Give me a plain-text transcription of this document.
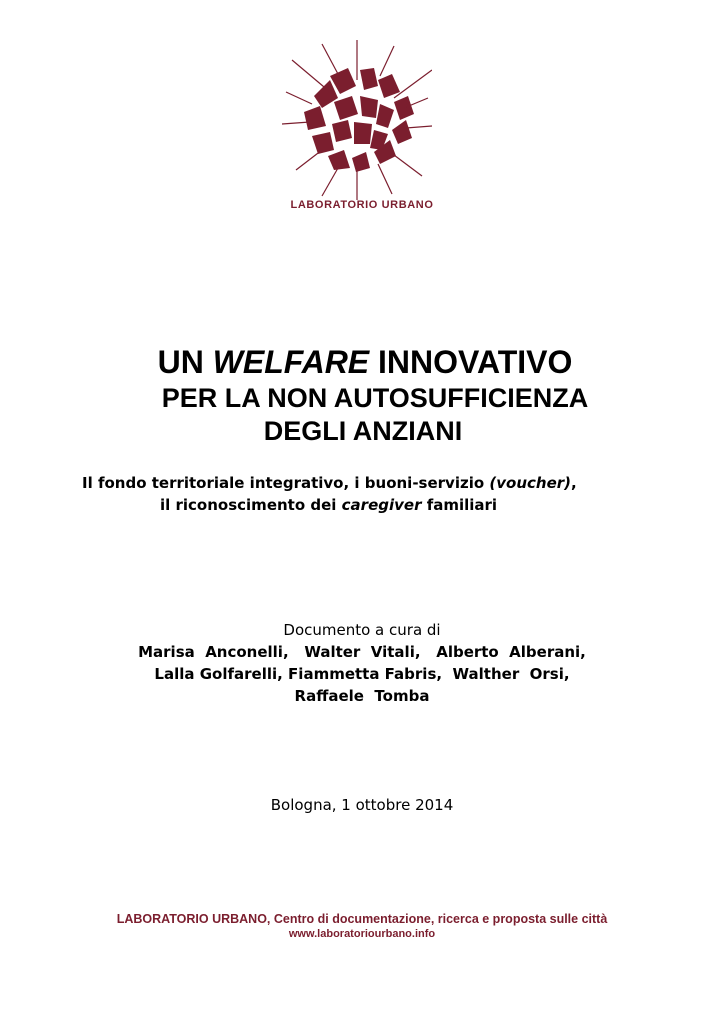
LABORATORIO URBANO
UN WELFARE INNOVATIVO
PER LA NON AUTOSUFFICIENZA
DEGLI ANZIANI
Il fondo territoriale integrativo, i buoni-servizio (voucher),
il riconoscimento dei caregiver familiari
Documento a cura di
Marisa  Anconelli,   Walter  Vitali,   Alberto  Alberani,
Lalla Golfarelli, Fiammetta Fabris,  Walther  Orsi,
Raffaele  Tomba
Bologna, 1 ottobre 2014
LABORATORIO URBANO, Centro di documentazione, ricerca e proposta sulle città
www.laboratoriourbano.info
